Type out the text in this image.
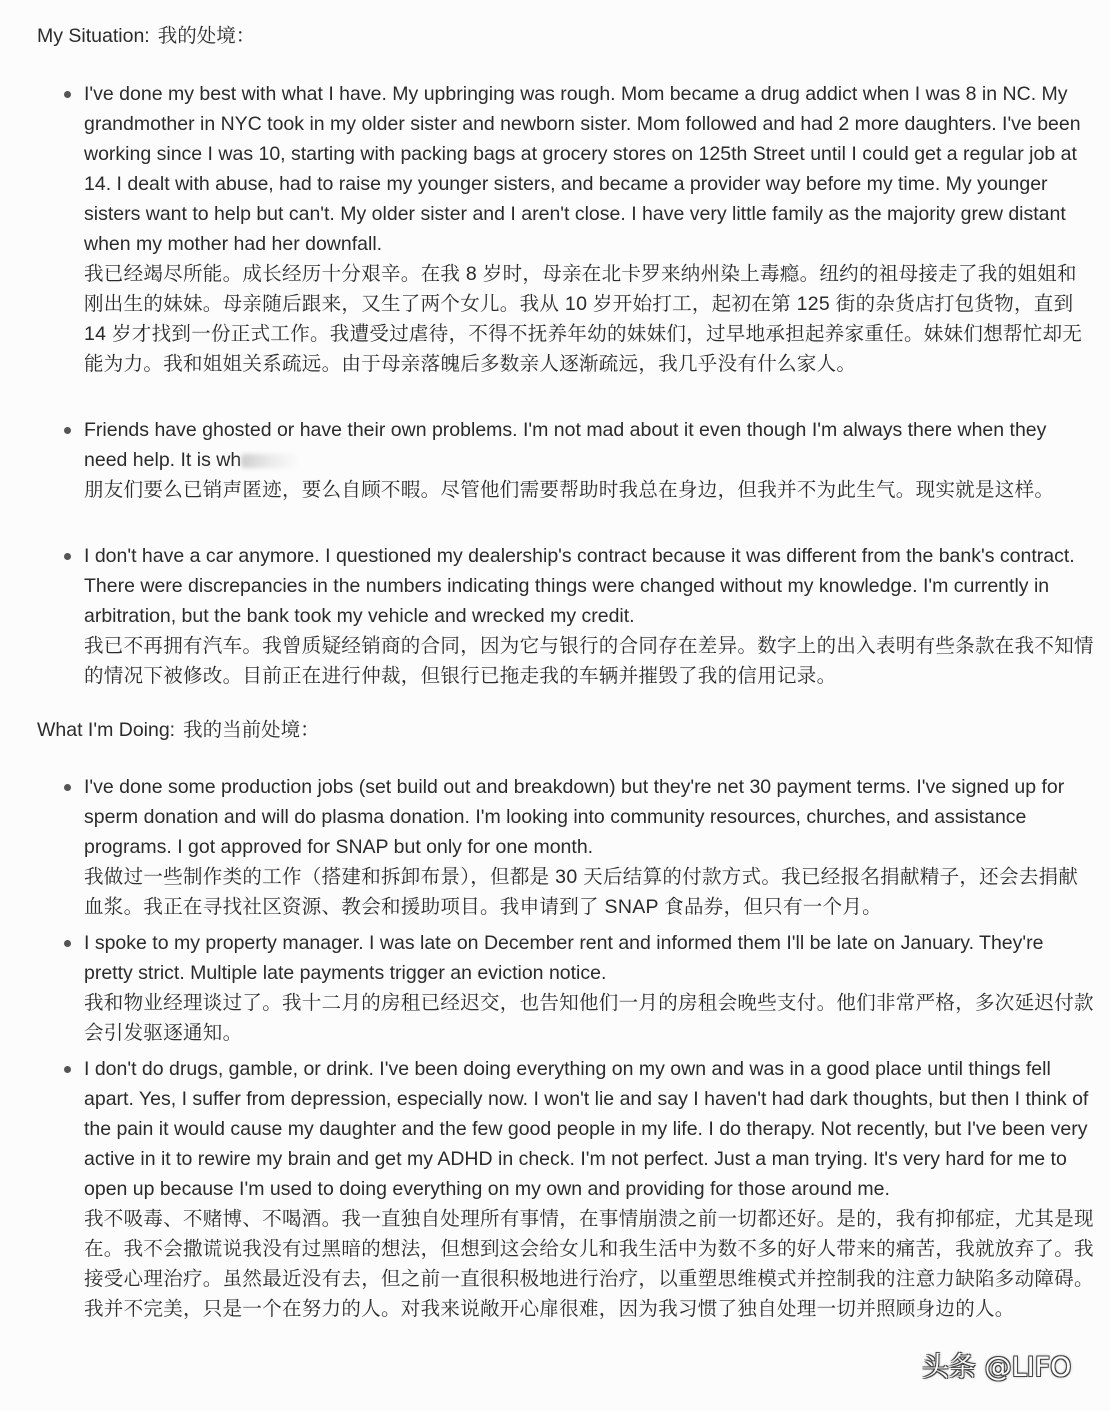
My Situation: 我的处境：

I've done my best with what I have. My upbringing was rough. Mom became a drug addict when I was 8 in NC. My grandmother in NYC took in my older sister and newborn sister. Mom followed and had 2 more daughters. I've been working since I was 10, starting with packing bags at grocery stores on 125th Street until I could get a regular job at 14. I dealt with abuse, had to raise my younger sisters, and became a provider way before my time. My younger sisters want to help but can't. My older sister and I aren't close. I have very little family as the majority grew distant when my mother had her downfall.

我已经竭尽所能。成长经历十分艰辛。在我 8 岁时，母亲在北卡罗来纳州染上毒瘾。纽约的祖母接走了我的姐姐和刚出生的妹妹。母亲随后跟来，又生了两个女儿。我从 10 岁开始打工，起初在第 125 街的杂货店打包货物，直到 14 岁才找到一份正式工作。我遭受过虐待，不得不抚养年幼的妹妹们，过早地承担起养家重任。妹妹们想帮忙却无能为力。我和姐姐关系疏远。由于母亲落魄后多数亲人逐渐疏远，我几乎没有什么家人。

Friends have ghosted or have their own problems. I'm not mad about it even though I'm always there when they need help. It is wh

朋友们要么已销声匿迹，要么自顾不暇。尽管他们需要帮助时我总在身边，但我并不为此生气。现实就是这样。

I don't have a car anymore. I questioned my dealership's contract because it was different from the bank's contract. There were discrepancies in the numbers indicating things were changed without my knowledge. I'm currently in arbitration, but the bank took my vehicle and wrecked my credit.

我已不再拥有汽车。我曾质疑经销商的合同，因为它与银行的合同存在差异。数字上的出入表明有些条款在我不知情的情况下被修改。目前正在进行仲裁，但银行已拖走我的车辆并摧毁了我的信用记录。

What I'm Doing: 我的当前处境：

I've done some production jobs (set build out and breakdown) but they're net 30 payment terms. I've signed up for sperm donation and will do plasma donation. I'm looking into community resources, churches, and assistance programs. I got approved for SNAP but only for one month.

我做过一些制作类的工作（搭建和拆卸布景），但都是 30 天后结算的付款方式。我已经报名捐献精子，还会去捐献血浆。我正在寻找社区资源、教会和援助项目。我申请到了 SNAP 食品券，但只有一个月。

I spoke to my property manager. I was late on December rent and informed them I'll be late on January. They're pretty strict. Multiple late payments trigger an eviction notice.

我和物业经理谈过了。我十二月的房租已经迟交，也告知他们一月的房租会晚些支付。他们非常严格，多次延迟付款会引发驱逐通知。

I don't do drugs, gamble, or drink. I've been doing everything on my own and was in a good place until things fell apart. Yes, I suffer from depression, especially now. I won't lie and say I haven't had dark thoughts, but then I think of the pain it would cause my daughter and the few good people in my life. I do therapy. Not recently, but I've been very active in it to rewire my brain and get my ADHD in check. I'm not perfect. Just a man trying. It's very hard for me to open up because I'm used to doing everything on my own and providing for those around me.

我不吸毒、不赌博、不喝酒。我一直独自处理所有事情，在事情崩溃之前一切都还好。是的，我有抑郁症，尤其是现在。我不会撒谎说我没有过黑暗的想法，但想到这会给女儿和我生活中为数不多的好人带来的痛苦，我就放弃了。我接受心理治疗。虽然最近没有去，但之前一直很积极地进行治疗，以重塑思维模式并控制我的注意力缺陷多动障碍。我并不完美，只是一个在努力的人。对我来说敞开心扉很难，因为我习惯了独自处理一切并照顾身边的人。

头条 @LIFO
